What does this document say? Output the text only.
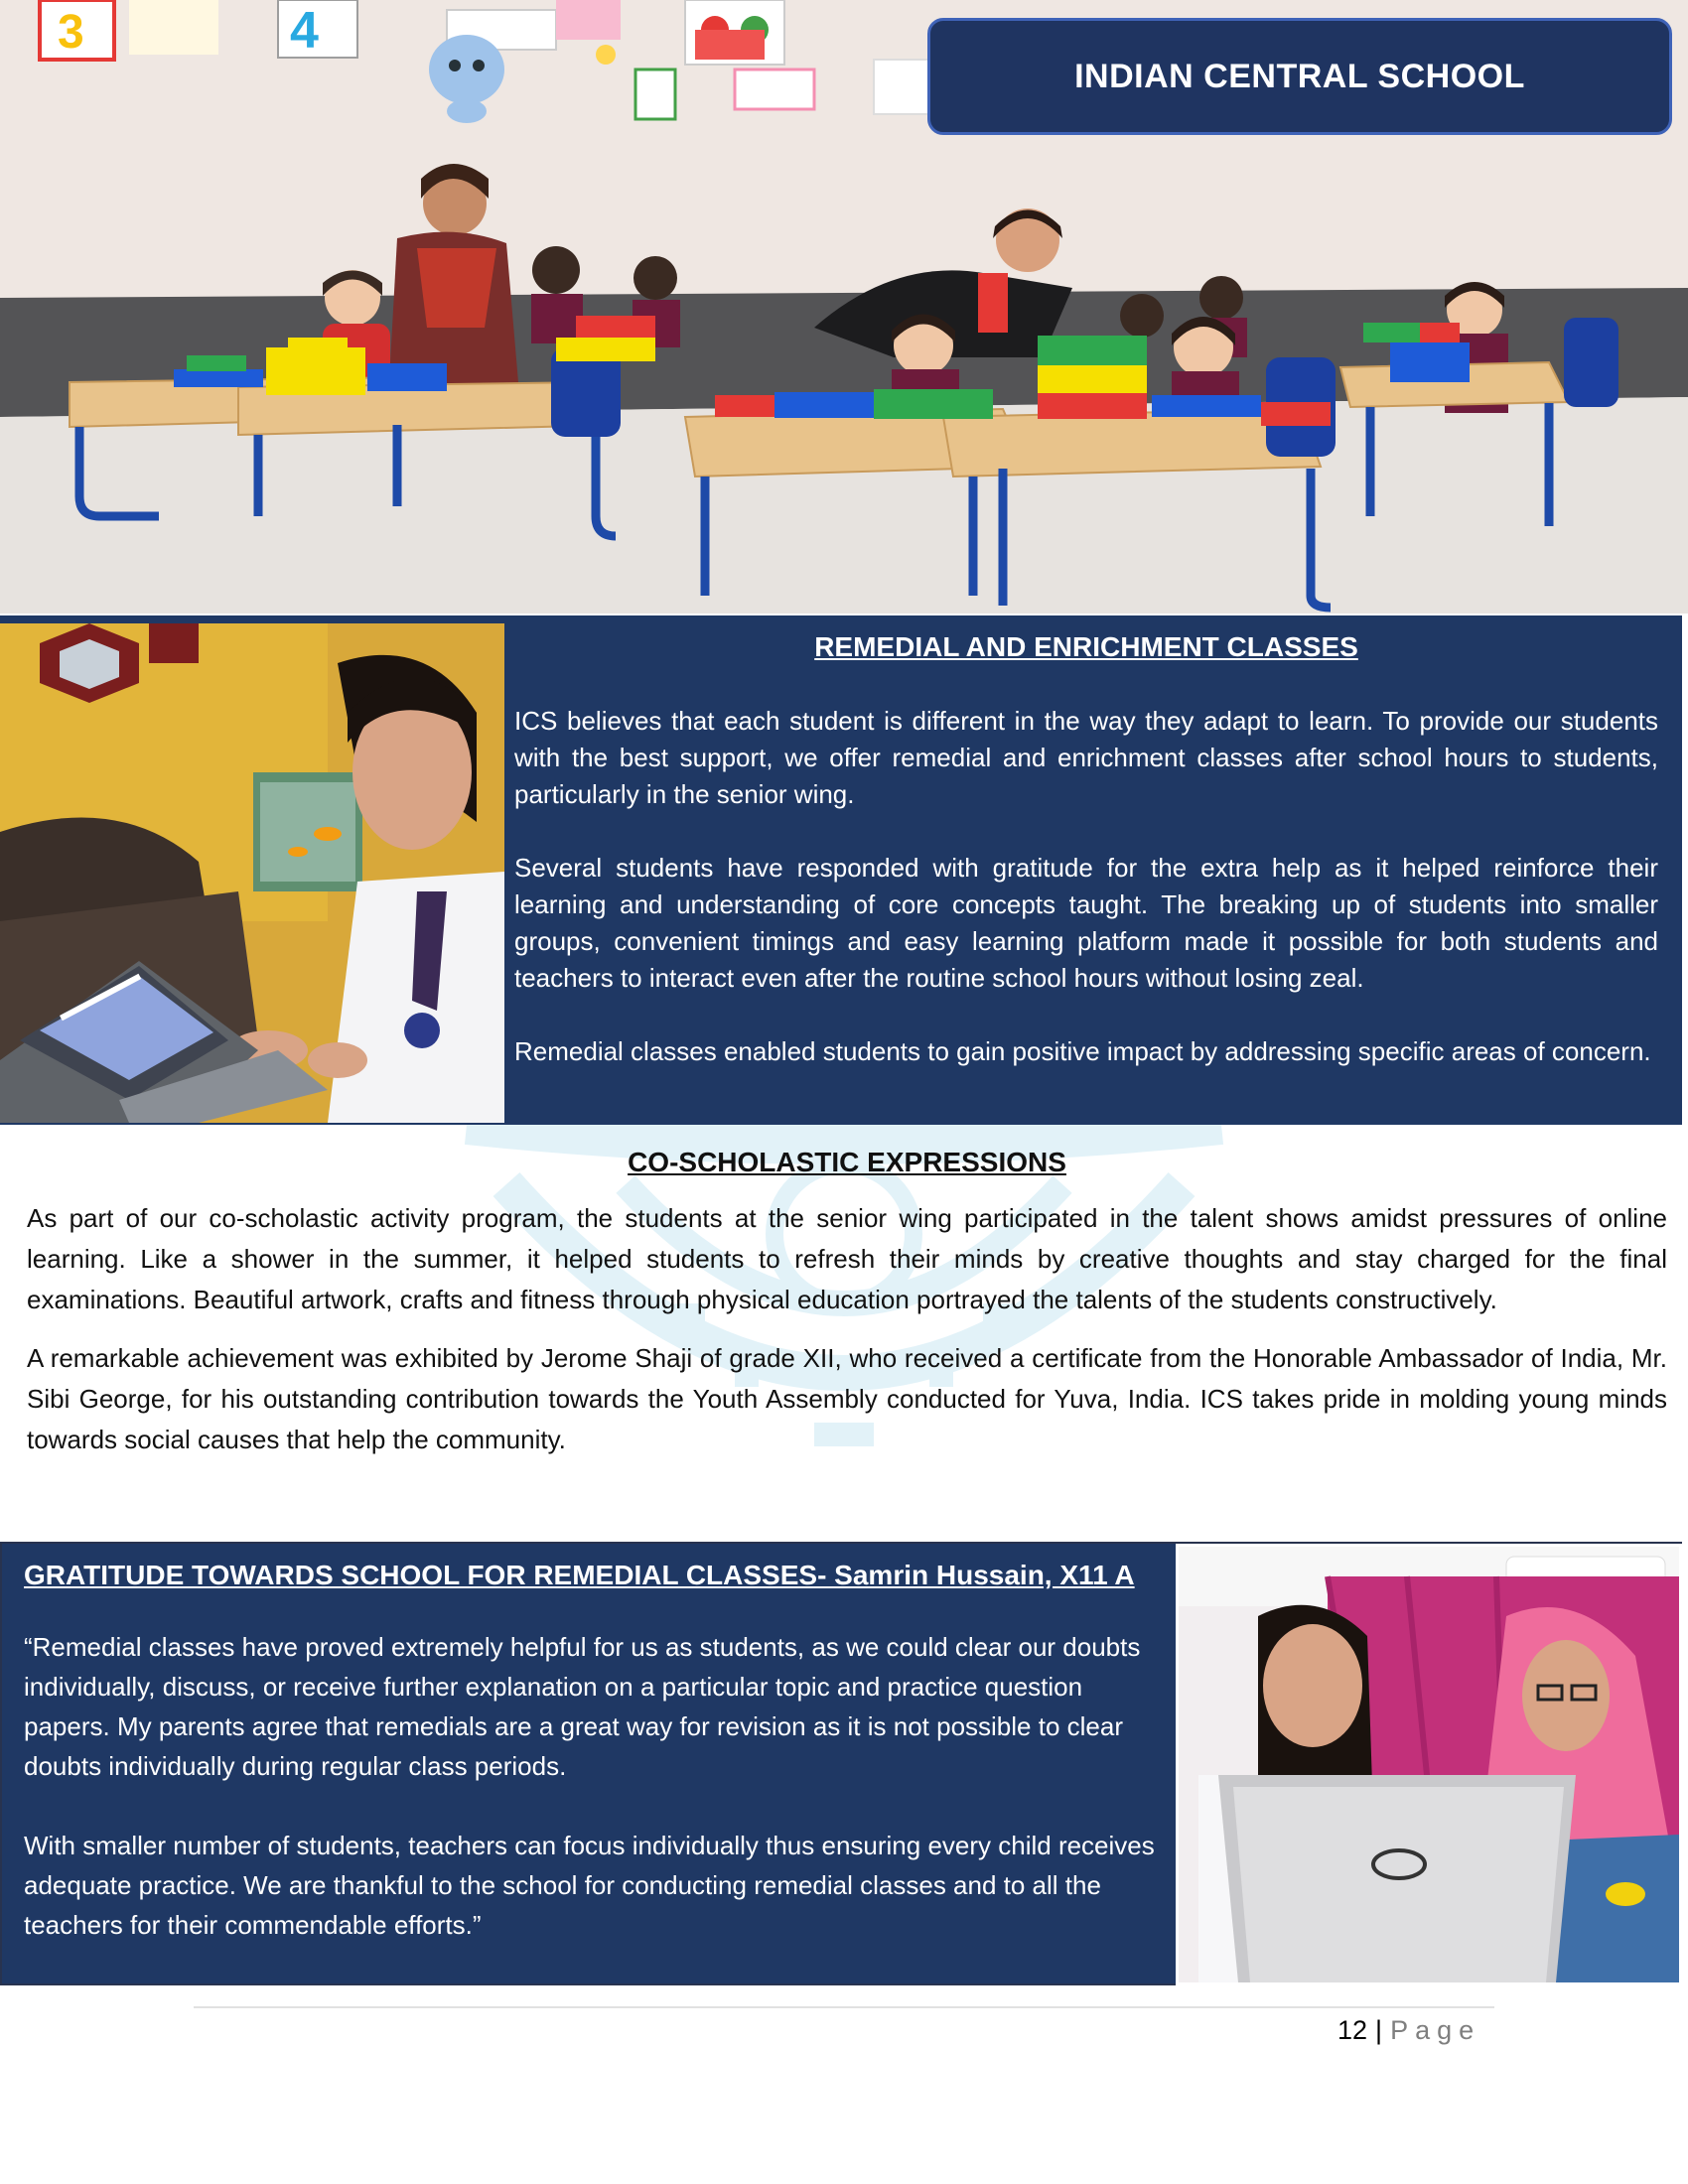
3	4
INDIAN CENTRAL SCHOOL
REMEDIAL AND ENRICHMENT CLASSES

ICS believes that each student is different in the way they adapt to learn. To provide our students with the best support, we offer remedial and enrichment classes after school hours to students, particularly in the senior wing.

Several students have responded with gratitude for the extra help as it helped reinforce their learning and understanding of core concepts taught. The breaking up of students into smaller groups, convenient timings and easy learning platform made it possible for both students and teachers to interact even after the routine school hours without losing zeal.

Remedial classes enabled students to gain positive impact by addressing specific areas of concern.

CO-SCHOLASTIC EXPRESSIONS

As part of our co-scholastic activity program, the students at the senior wing participated in the talent shows amidst pressures of online learning. Like a shower in the summer, it helped students to refresh their minds by creative thoughts and stay charged for the final examinations. Beautiful artwork, crafts and fitness through physical education portrayed the talents of the students constructively.

A remarkable achievement was exhibited by Jerome Shaji of grade XII, who received a certificate from the Honorable Ambassador of India, Mr. Sibi George, for his outstanding contribution towards the Youth Assembly conducted for Yuva, India. ICS takes pride in molding young minds towards social causes that help the community.

GRATITUDE TOWARDS SCHOOL FOR REMEDIAL CLASSES- Samrin Hussain, X11 A

“Remedial classes have proved extremely helpful for us as students, as we could clear our doubts individually, discuss, or receive further explanation on a particular topic and practice question papers. My parents agree that remedials are a great way for revision as it is not possible to clear doubts individually during regular class periods.

With smaller number of students, teachers can focus individually thus ensuring every child receives adequate practice. We are thankful to the school for conducting remedial classes and to all the teachers for their commendable efforts.”

12 | Page
